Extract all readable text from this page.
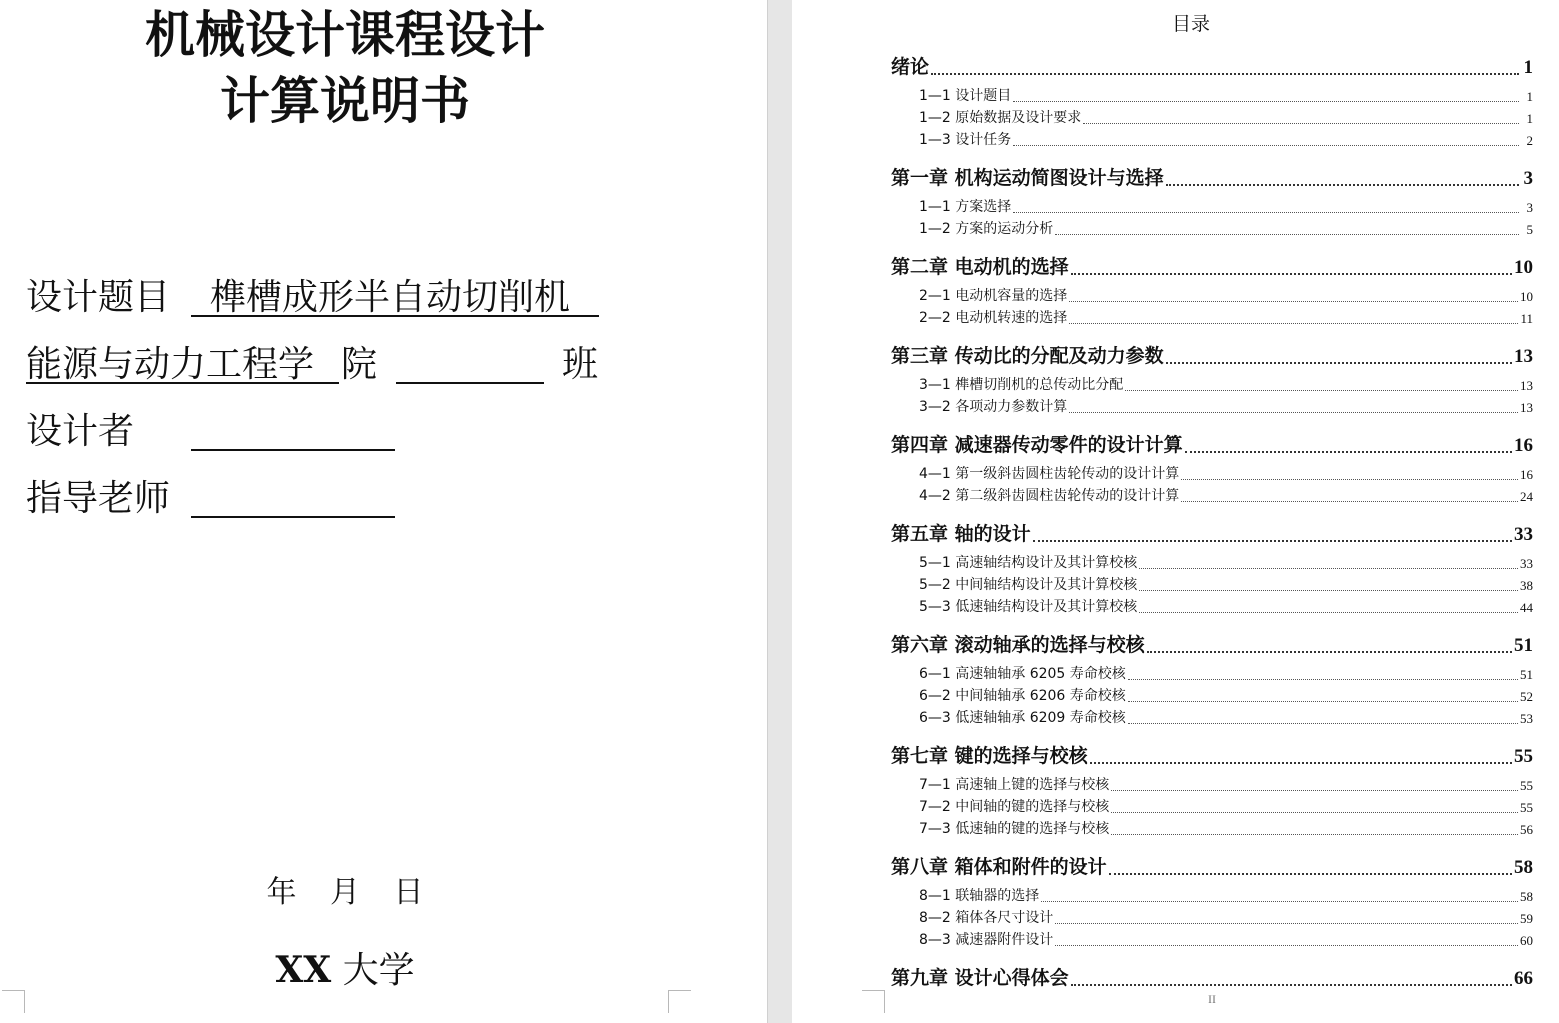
机械设计课程设计
计算说明书
设计题目 榫槽成形半自动切削机
能源与动力工程学 院	班
设计者
指导老师
年 月 日
XX 大学
目录
绪论	1
1—1 设计题目	1
1—2 原始数据及设计要求	1
1—3 设计任务	2
第一章 机构运动简图设计与选择	3
1—1 方案选择	3
1—2 方案的运动分析	5
第二章 电动机的选择	10
2—1 电动机容量的选择	10
2—2 电动机转速的选择	11
第三章 传动比的分配及动力参数	13
3—1 榫槽切削机的总传动比分配	13
3—2 各项动力参数计算	13
第四章 减速器传动零件的设计计算	16
4—1 第一级斜齿圆柱齿轮传动的设计计算	16
4—2 第二级斜齿圆柱齿轮传动的设计计算	24
第五章 轴的设计	33
5—1 高速轴结构设计及其计算校核	33
5—2 中间轴结构设计及其计算校核	38
5—3 低速轴结构设计及其计算校核	44
第六章 滚动轴承的选择与校核	51
6—1 高速轴轴承 6205 寿命校核	51
6—2 中间轴轴承 6206 寿命校核	52
6—3 低速轴轴承 6209 寿命校核	53
第七章 键的选择与校核	55
7—1 高速轴上键的选择与校核	55
7—2 中间轴的键的选择与校核	55
7—3 低速轴的键的选择与校核	56
第八章 箱体和附件的设计	58
8—1 联轴器的选择	58
8—2 箱体各尺寸设计	59
8—3 减速器附件设计	60
第九章 设计心得体会	66
II
